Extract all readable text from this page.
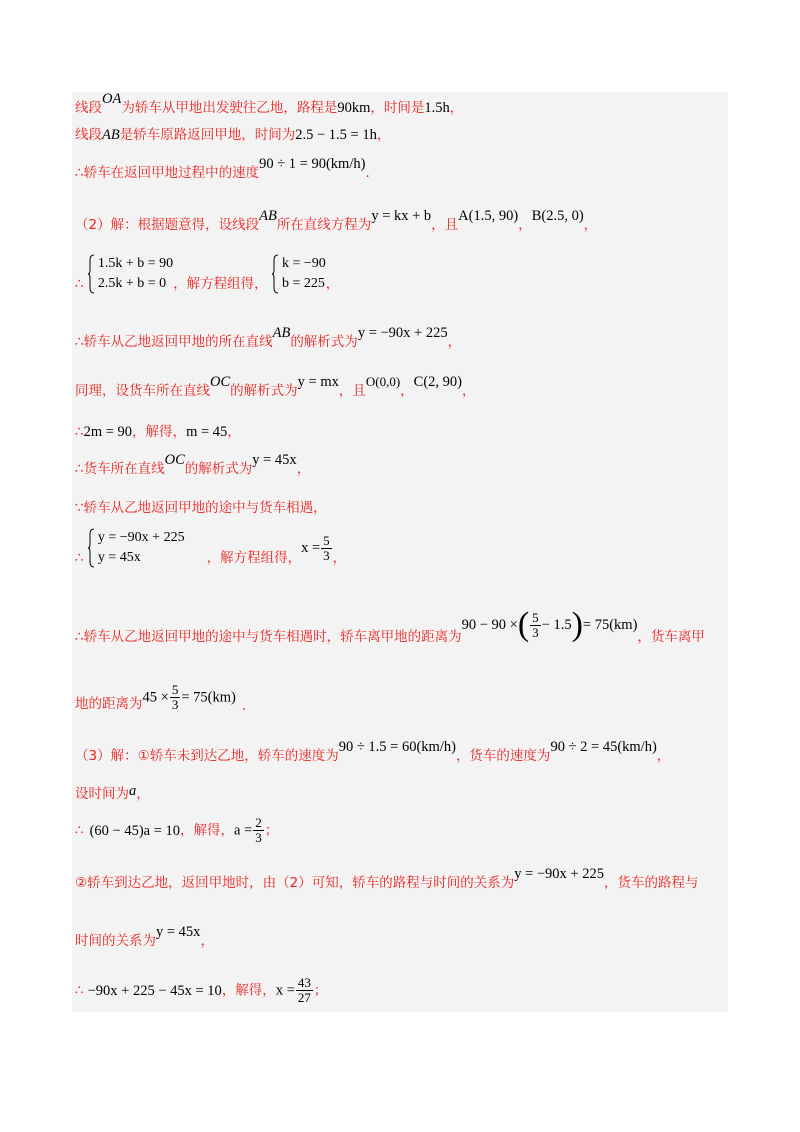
线段OA为轿车从甲地出发驶往乙地，路程是90km，时间是1.5h，
线段AB是轿车原路返回甲地，时间为2.5 − 1.5 = 1h，
∴轿车在返回甲地过程中的速度90 ÷ 1 = 90(km/h).
（2）解：根据题意得，设线段AB所在直线方程为y = kx + b，且A(1.5, 90)，B(2.5, 0)，
∴
1.5k + b = 90
2.5k + b = 0 ，解方程组得，
k = −90
b = 225 ，
∴轿车从乙地返回甲地的所在直线AB的解析式为y = −90x + 225，
同理，设货车所在直线OC的解析式为y = mx，且O(0,0)，C(2, 90)，
∴2m = 90，解得，m = 45，
∴货车所在直线OC的解析式为y = 45x，
∵轿车从乙地返回甲地的途中与货车相遇，
∴
y = −90x + 225
y = 45x	，解方程组得，$x = \frac{5}{3}$ ，
∴轿车从乙地返回甲地的途中与货车相遇时，轿车离甲地的距离为90 − 90 ×( $\frac{5}{3} - 1.5)= 75(km)$，货车离甲
地的距离为$45 \times \frac{5}{3} = 75(km)$ .
（3）解：①轿车未到达乙地，轿车的速度为90 ÷ 1.5 = 60(km/h)，货车的速度为90 ÷ 2 = 45(km/h)，
设时间为a，
∴ (60 − 45)a = 10，解得，$a = \frac{2}{3}$ ；
②轿车到达乙地，返回甲地时，由（2）可知，轿车的路程与时间的关系为y = −90x + 225，货车的路程与
时间的关系为y = 45x，
∴ −90x + 225 − 45x = 10，解得，$x = \frac{43}{27}$ ；
